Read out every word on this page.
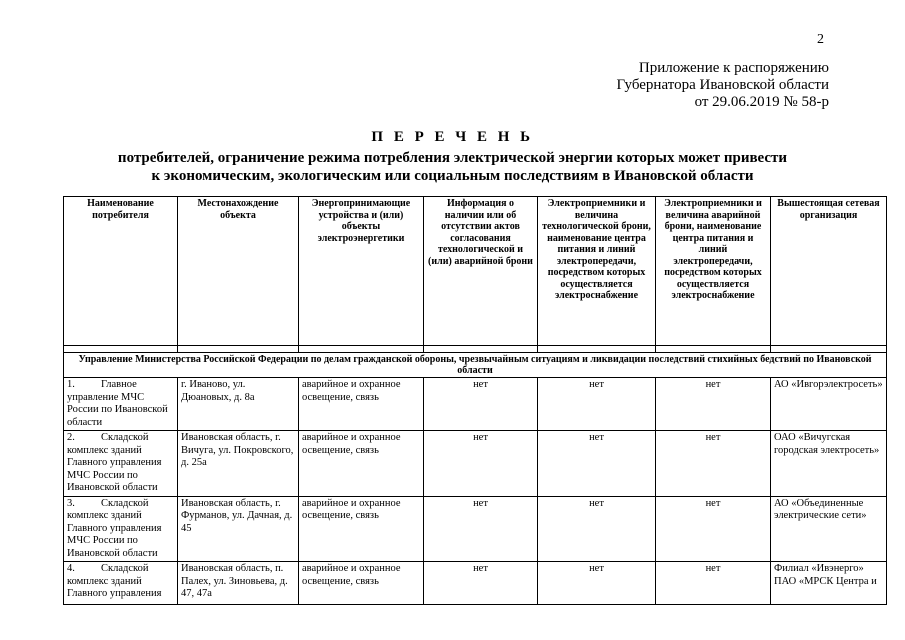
2
Приложение к распоряжению
Губернатора Ивановской области
от 29.06.2019 № 58-р
П Е Р Е Ч Е Н Ь
потребителей, ограничение режима потребления электрической энергии которых может привести
к экономическим, экологическим или социальным последствиям в Ивановской области
Наименование потребителя	Местонахождение объекта	Энергопринимающие устройства и (или) объекты электроэнергетики	Информация о наличии или об отсутствии актов согласования технологической и (или) аварийной брони	Электроприемники и величина технологической брони, наименование центра питания и линий электропередачи, посредством которых осуществляется электроснабжение	Электроприемники и величина аварийной брони, наименование центра питания и линий электропередачи, посредством которых осуществляется электроснабжение	Вышестоящая сетевая организация

Управление Министерства Российской Федерации по делам гражданской обороны, чрезвычайным ситуациям и ликвидации последствий стихийных бедствий по Ивановской области						
1. Главное управление МЧС России по Ивановской области	г. Иваново, ул. Дюановых, д. 8а	аварийное и охранное освещение, связь	нет	нет	нет	АО «Ивгорэлектросеть»
2. Складской комплекс зданий Главного управления МЧС России по Ивановской области	Ивановская область, г. Вичуга, ул. Покровского, д. 25а	аварийное и охранное освещение, связь	нет	нет	нет	ОАО «Вичугская городская электросеть»
3. Складской комплекс зданий Главного управления МЧС России по Ивановской области	Ивановская область, г. Фурманов, ул. Дачная, д. 45	аварийное и охранное освещение, связь	нет	нет	нет	АО «Объединенные электрические сети»
4. Складской комплекс зданий Главного управления	Ивановская область, п. Палех, ул. Зиновьева, д. 47, 47а	аварийное и охранное освещение, связь	нет	нет	нет	Филиал «Ивэнерго» ПАО «МРСК Центра и
